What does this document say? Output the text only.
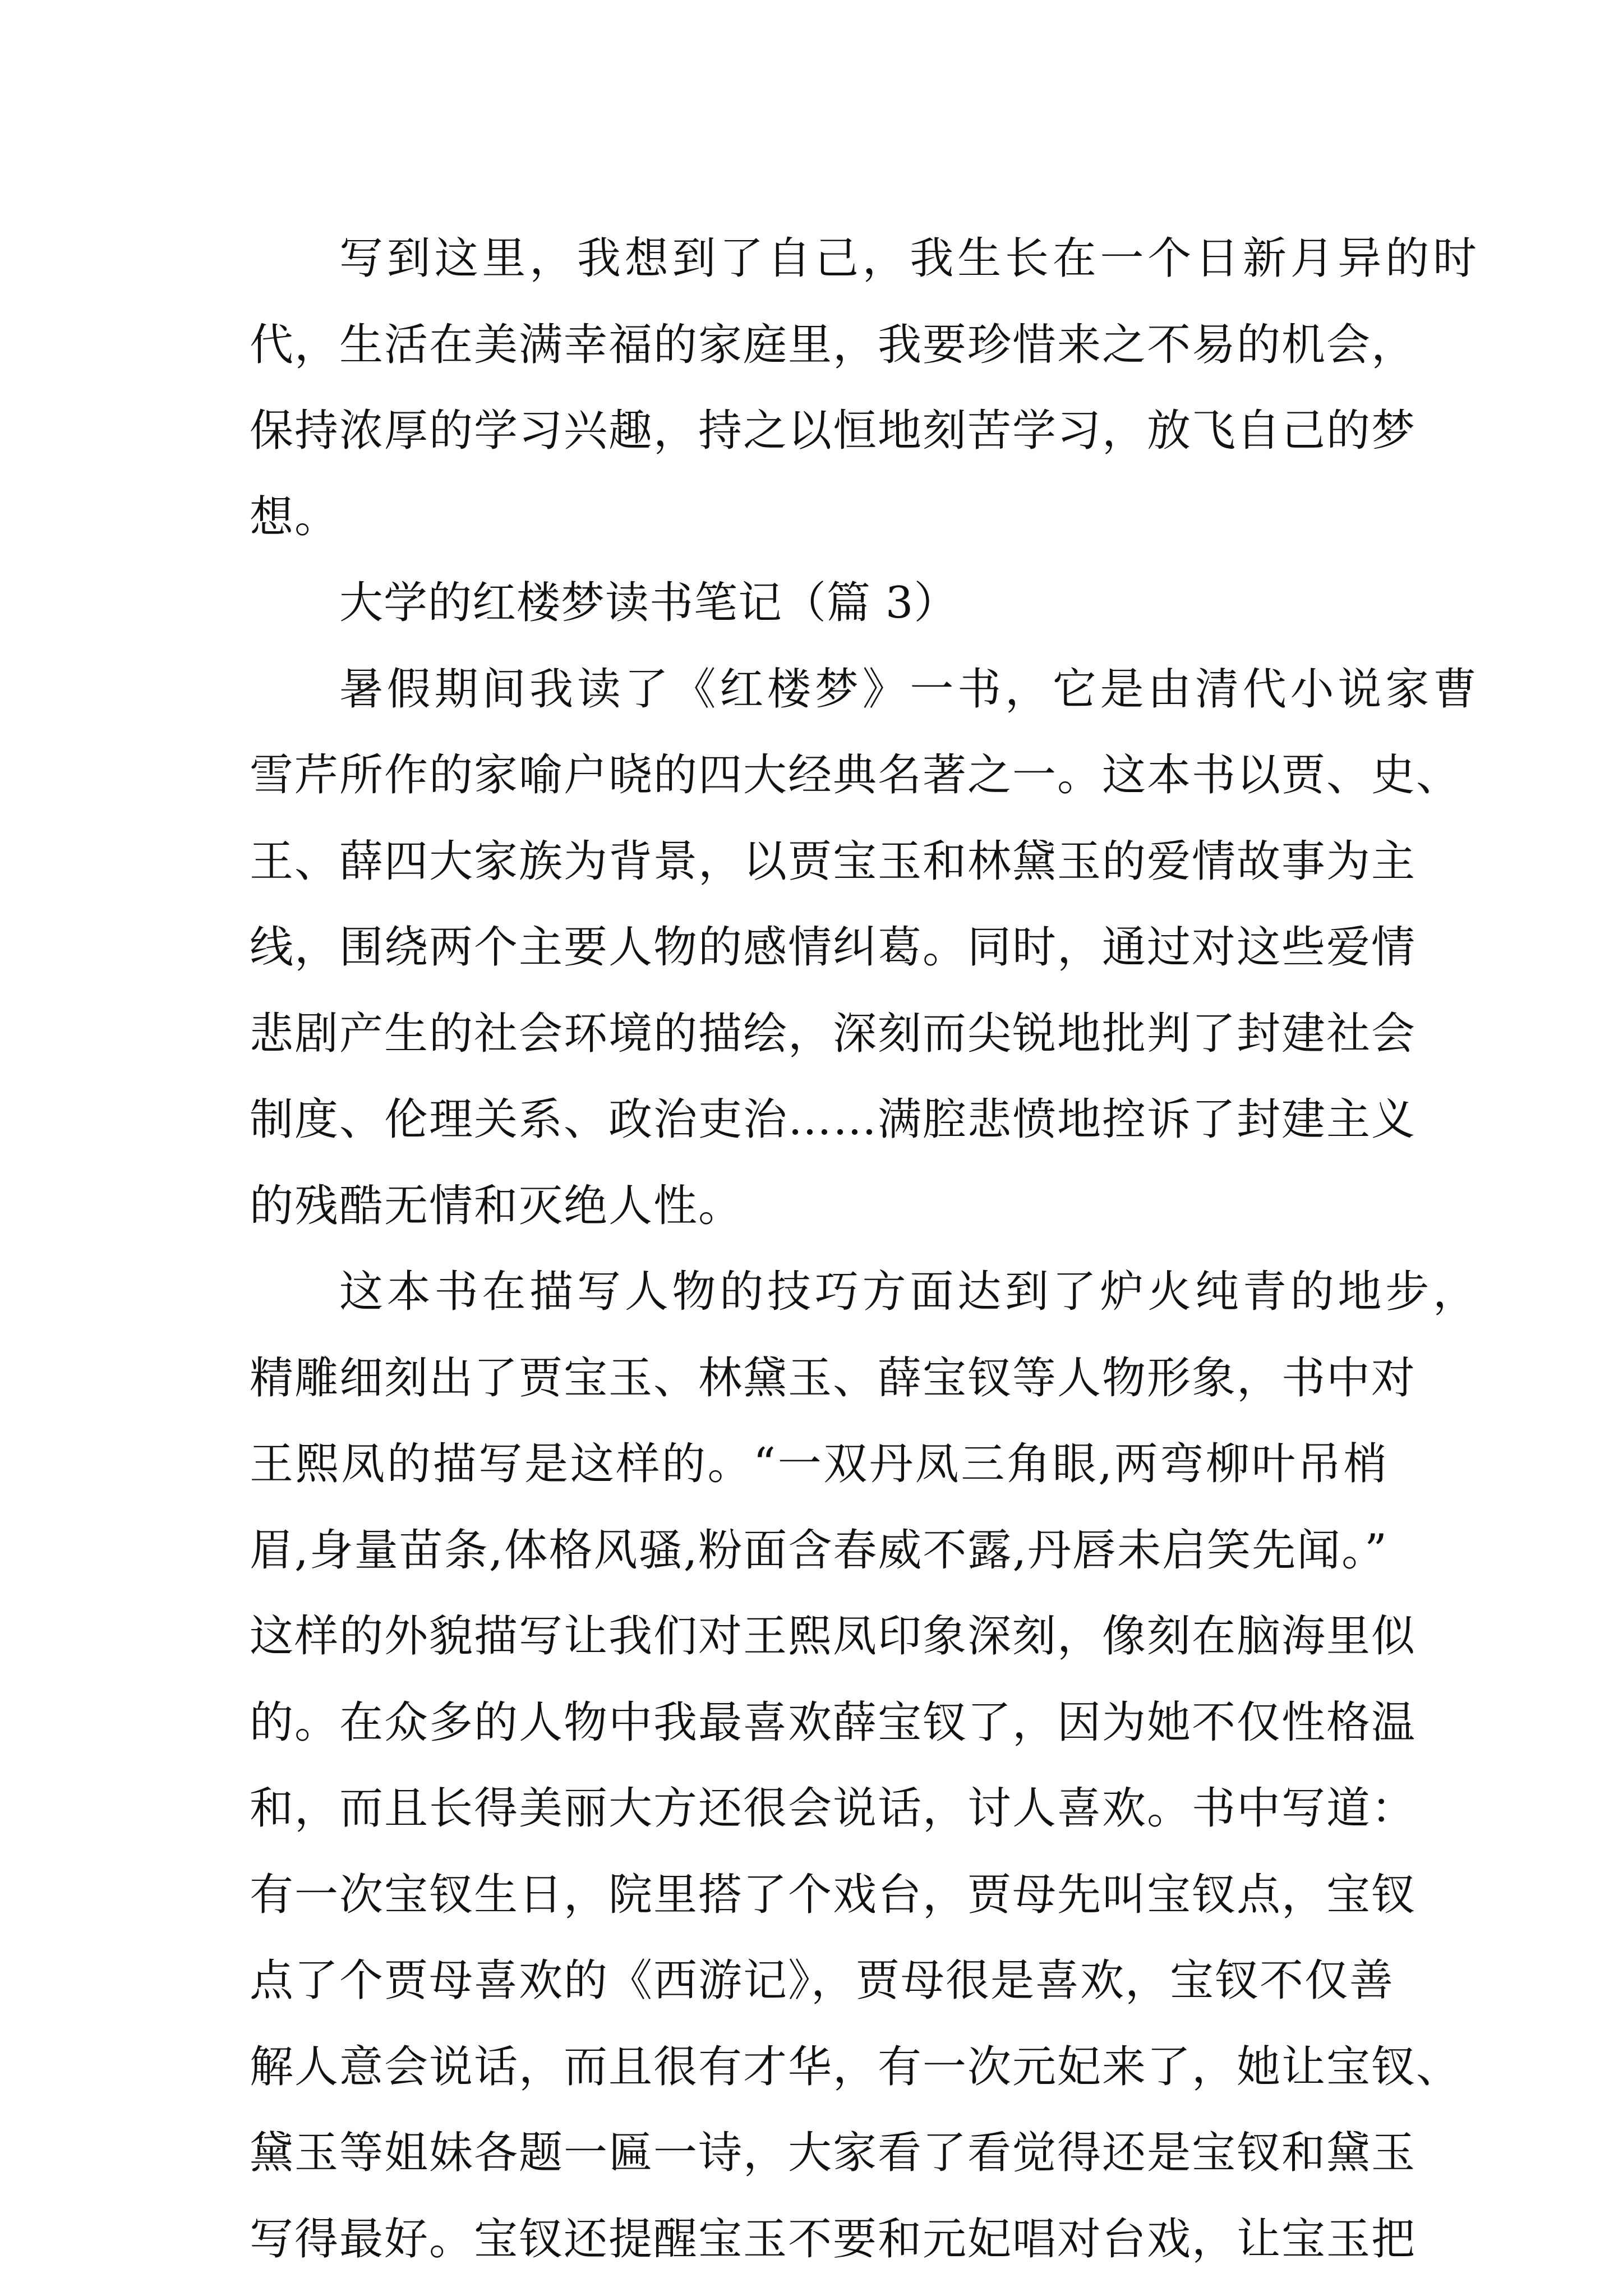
写到这里，我想到了自己，我生长在一个日新月异的时
代，生活在美满幸福的家庭里，我要珍惜来之不易的机会，
保持浓厚的学习兴趣，持之以恒地刻苦学习，放飞自己的梦
想。
大学的红楼梦读书笔记（篇 3）
暑假期间我读了《红楼梦》一书，它是由清代小说家曹
雪芹所作的家喻户晓的四大经典名著之一。这本书以贾、史、
王、薛四大家族为背景，以贾宝玉和林黛玉的爱情故事为主
线，围绕两个主要人物的感情纠葛。同时，通过对这些爱情
悲剧产生的社会环境的描绘，深刻而尖锐地批判了封建社会
制度、伦理关系、政治吏治……满腔悲愤地控诉了封建主义
的残酷无情和灭绝人性。
这本书在描写人物的技巧方面达到了炉火纯青的地步，
精雕细刻出了贾宝玉、林黛玉、薛宝钗等人物形象，书中对
王熙凤的描写是这样的。“一双丹凤三角眼,两弯柳叶吊梢
眉,身量苗条,体格风骚,粉面含春威不露,丹唇未启笑先闻。”
这样的外貌描写让我们对王熙凤印象深刻，像刻在脑海里似
的。在众多的人物中我最喜欢薛宝钗了，因为她不仅性格温
和，而且长得美丽大方还很会说话，讨人喜欢。书中写道：
有一次宝钗生日，院里搭了个戏台，贾母先叫宝钗点，宝钗
点了个贾母喜欢的《西游记》，贾母很是喜欢，宝钗不仅善
解人意会说话，而且很有才华，有一次元妃来了，她让宝钗、
黛玉等姐妹各题一匾一诗，大家看了看觉得还是宝钗和黛玉
写得最好。宝钗还提醒宝玉不要和元妃唱对台戏，让宝玉把
